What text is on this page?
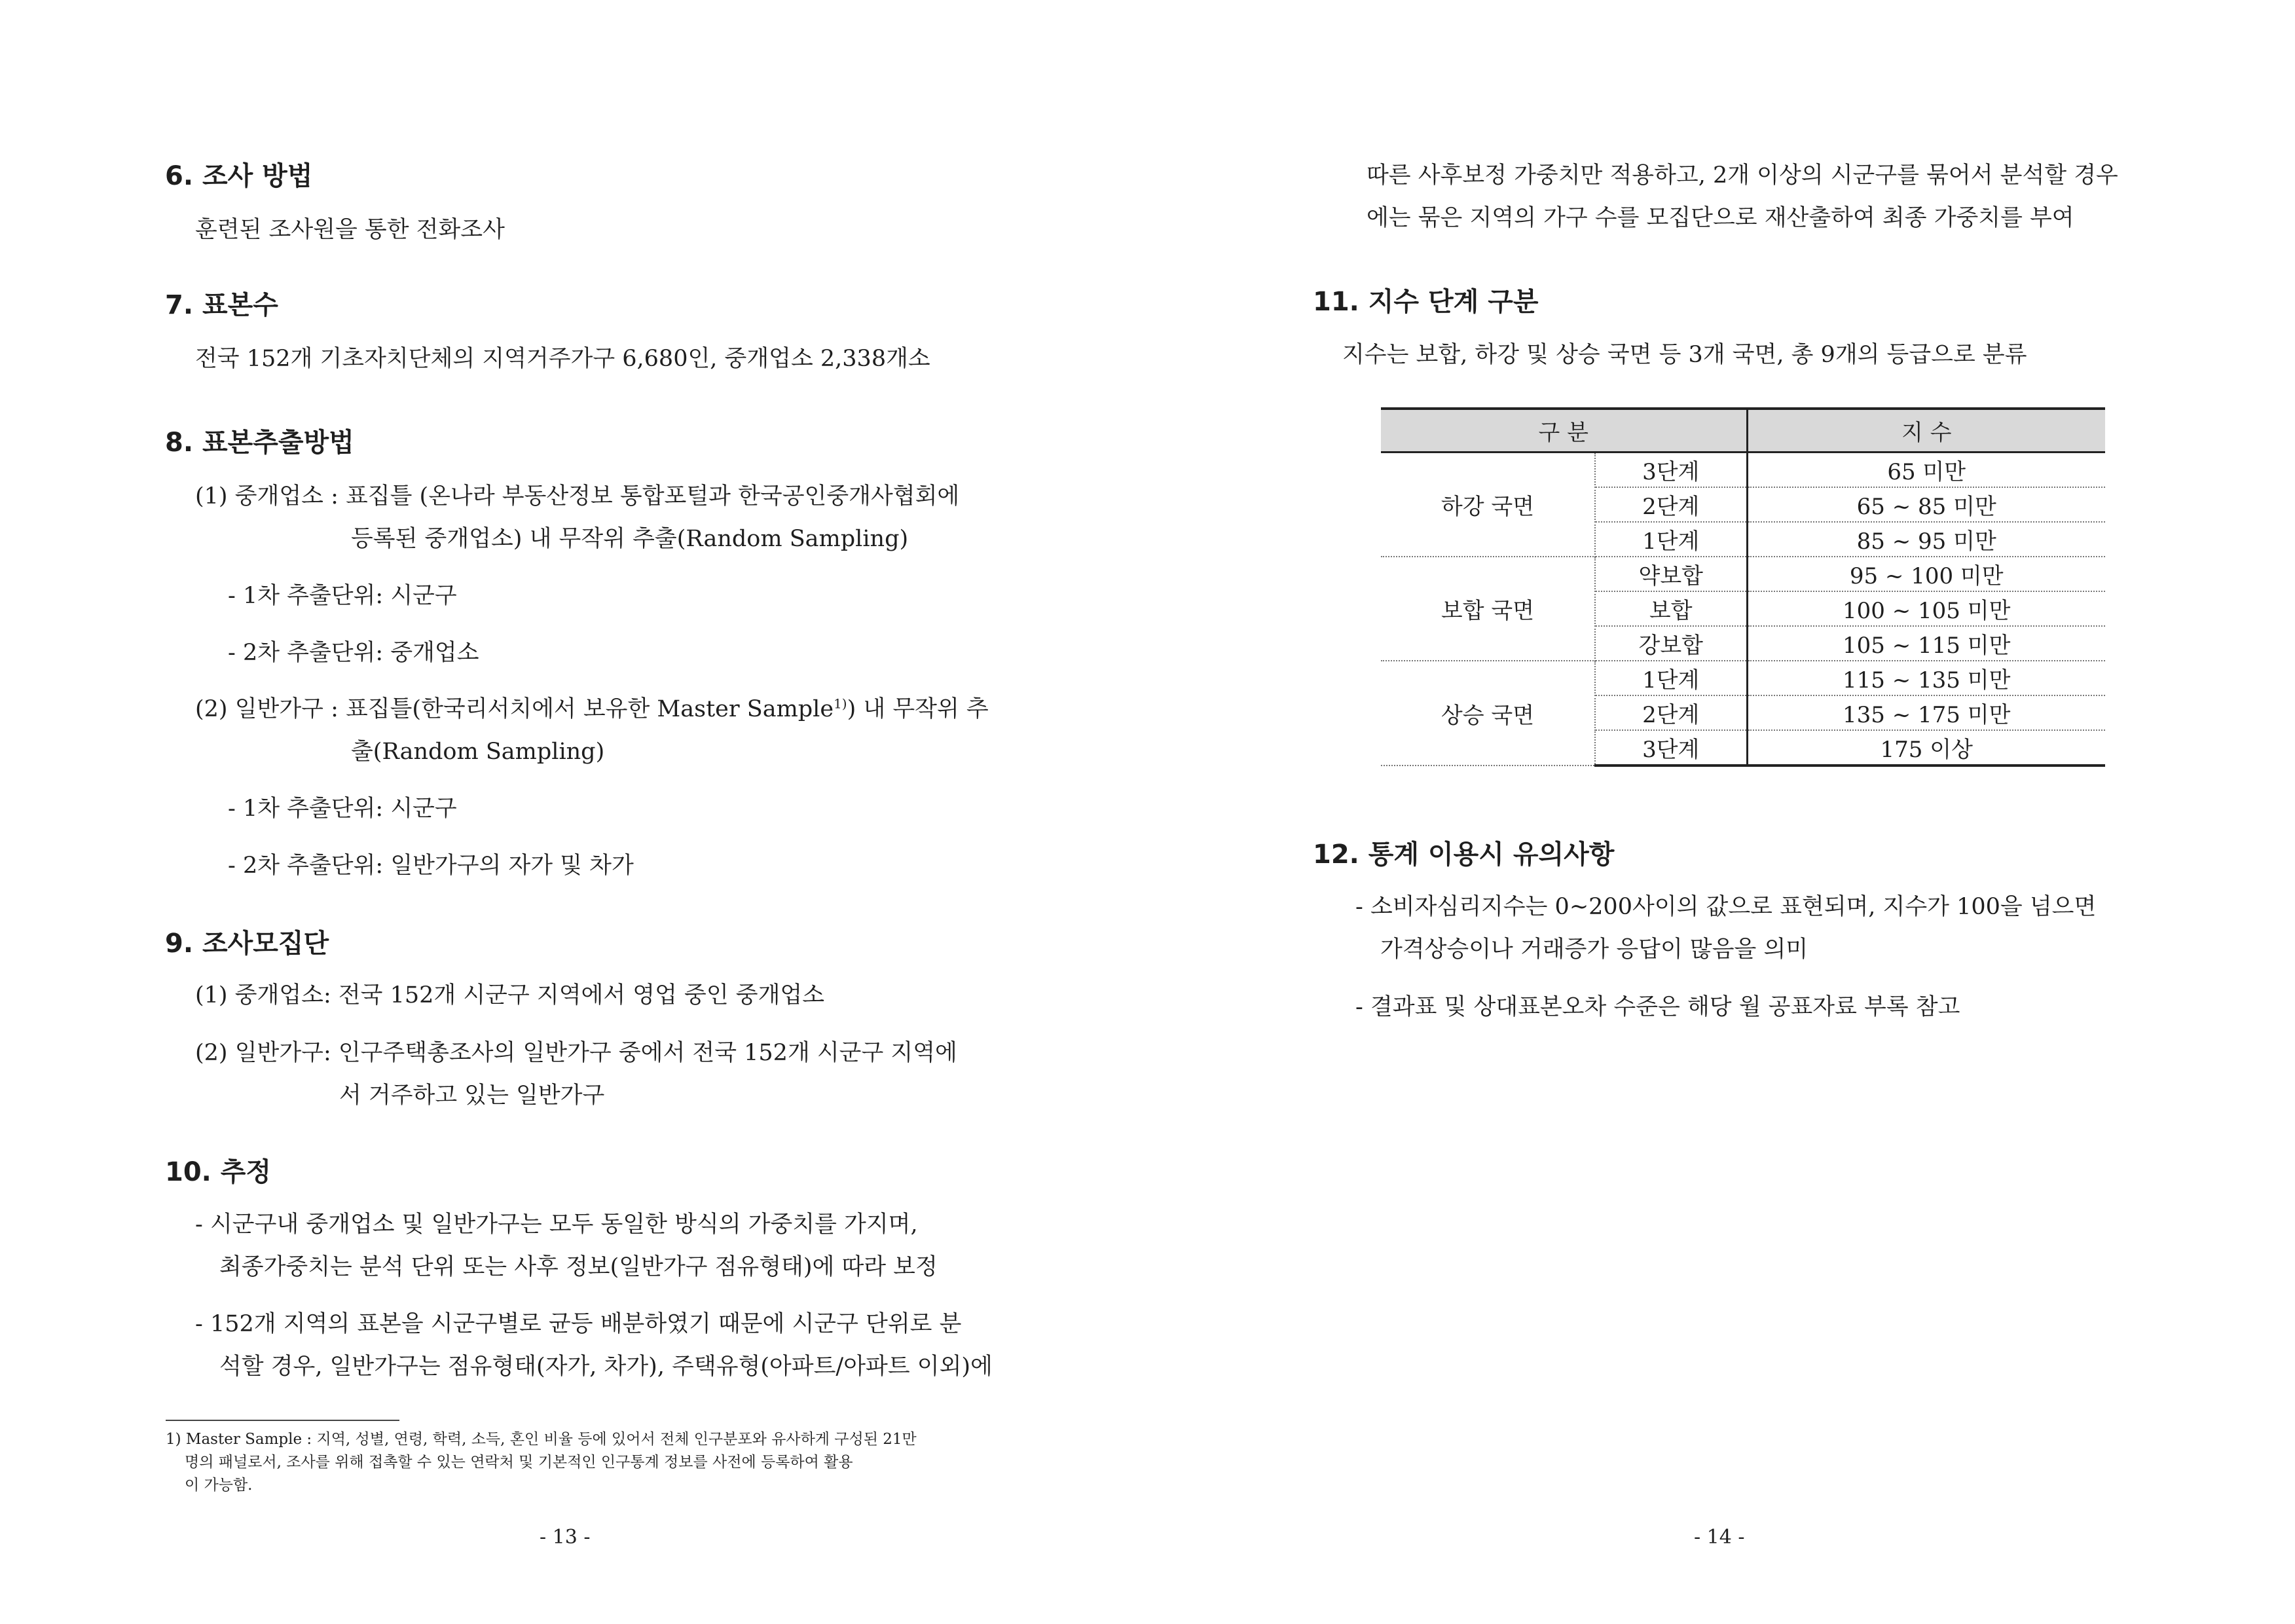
6. 조사 방법
훈련된 조사원을 통한 전화조사
7. 표본수
전국 152개 기초자치단체의 지역거주가구 6,680인, 중개업소 2,338개소
8. 표본추출방법
(1) 중개업소 : 표집틀 (온나라 부동산정보 통합포털과 한국공인중개사협회에
등록된 중개업소) 내 무작위 추출(Random Sampling)
- 1차 추출단위: 시군구
- 2차 추출단위: 중개업소
(2) 일반가구 : 표집틀(한국리서치에서 보유한 Master Sample$^{1)}$) 내 무작위 추
출(Random Sampling)
- 1차 추출단위: 시군구
- 2차 추출단위: 일반가구의 자가 및 차가
9. 조사모집단
(1) 중개업소: 전국 152개 시군구 지역에서 영업 중인 중개업소
(2) 일반가구: 인구주택총조사의 일반가구 중에서 전국 152개 시군구 지역에
서 거주하고 있는 일반가구
10. 추정
- 시군구내 중개업소 및 일반가구는 모두 동일한 방식의 가중치를 가지며,
최종가중치는 분석 단위 또는 사후 정보(일반가구 점유형태)에 따라 보정
- 152개 지역의 표본을 시군구별로 균등 배분하였기 때문에 시군구 단위로 분
석할 경우, 일반가구는 점유형태(자가, 차가), 주택유형(아파트/아파트 이외)에
1) Master Sample : 지역, 성별, 연령, 학력, 소득, 혼인 비율 등에 있어서 전체 인구분포와 유사하게 구성된 21만
명의 패널로서, 조사를 위해 접촉할 수 있는 연락처 및 기본적인 인구통계 정보를 사전에 등록하여 활용
이 가능함.
- 13 -
따른 사후보정 가중치만 적용하고, 2개 이상의 시군구를 묶어서 분석할 경우
에는 묶은 지역의 가구 수를 모집단으로 재산출하여 최종 가중치를 부여
11. 지수 단계 구분
지수는 보합, 하강 및 상승 국면 등 3개 국면, 총 9개의 등급으로 분류
12. 통계 이용시 유의사항
- 소비자심리지수는 0~200사이의 값으로 표현되며, 지수가 100을 넘으면
가격상승이나 거래증가 응답이 많음을 의미
- 결과표 및 상대표본오차 수준은 해당 월 공표자료 부록 참고
- 14 -
구 분		지 수
하강 국면	3단계	65 미만
	2단계	65 ~ 85 미만
	1단계	85 ~ 95 미만
보합 국면	약보합	95 ~ 100 미만
	보합	100 ~ 105 미만
	강보합	105 ~ 115 미만
상승 국면	1단계	115 ~ 135 미만
	2단계	135 ~ 175 미만
	3단계	175 이상
